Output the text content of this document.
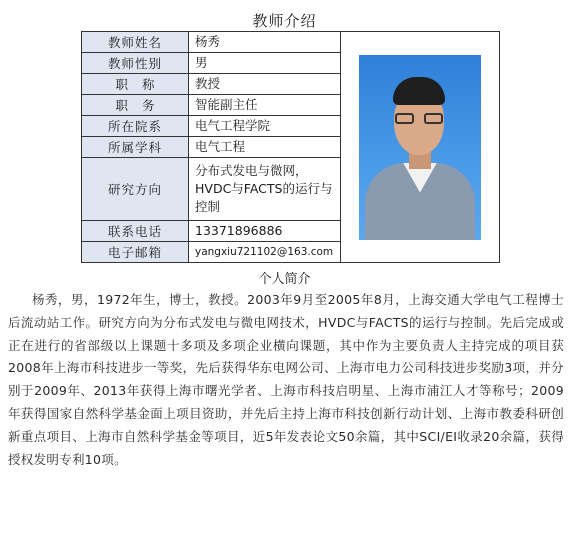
教师介绍
教师姓名	杨秀	

教师性别	男	
职称	教授	
职务	智能副主任	
所在院系	电气工程学院	
所属学科	电气工程	
研究方向	分布式发电与微网，HVDC与FACTS的运行与控制	
联系电话	13371896886	
电子邮箱	yangxiu721102@163.com	
个人简介

杨秀，男，1972年生，博士，教授。2003年9月至2005年8月，上海交通大学电气工程博士后流动站工作。研究方向为分布式发电与微电网技术，HVDC与FACTS的运行与控制。先后完成或正在进行的省部级以上课题十多项及多项企业横向课题，其中作为主要负责人主持完成的项目获2008年上海市科技进步一等奖，先后获得华东电网公司、上海市电力公司科技进步奖励3项，并分别于2009年、2013年获得上海市曙光学者、上海市科技启明星、上海市浦江人才等称号；2009年获得国家自然科学基金面上项目资助，并先后主持上海市科技创新行动计划、上海市教委科研创新重点项目、上海市自然科学基金等项目，近5年发表论文50余篇，其中SCI/EI收录20余篇，获得授权发明专利10项。
